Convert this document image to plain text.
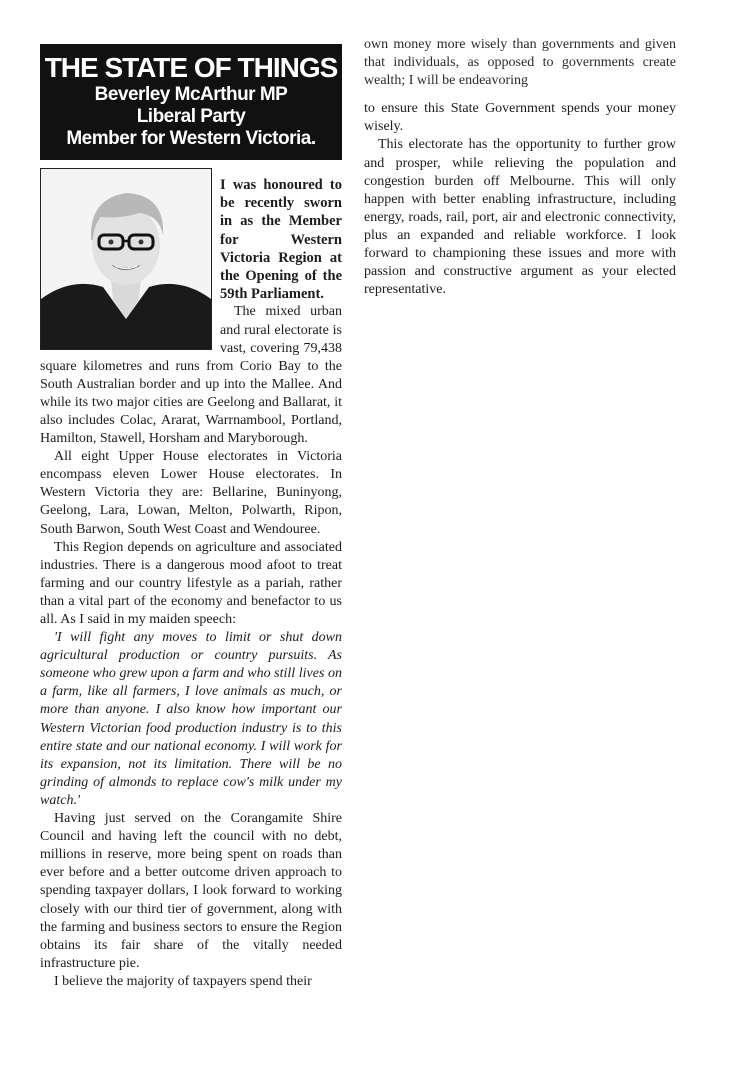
THE STATE OF THINGS
Beverley McArthur MP
Liberal Party
Member for Western Victoria.
I was honoured to be recently sworn in as the Member for Western Victoria Region at the Opening of the 59th Parliament.

The mixed urban and rural electorate is vast, covering 79,438 square kilometres and runs from Corio Bay to the South Australian border and up into the Mallee. And while its two major cities are Geelong and Ballarat, it also includes Colac, Ararat, Warrnambool, Portland, Hamilton, Stawell, Horsham and Maryborough.

All eight Upper House electorates in Victoria encompass eleven Lower House electorates. In Western Victoria they are: Bellarine, Buninyong, Geelong, Lara, Lowan, Melton, Polwarth, Ripon, South Barwon, South West Coast and Wendouree.

This Region depends on agriculture and associated industries. There is a dangerous mood afoot to treat farming and our country lifestyle as a pariah, rather than a vital part of the economy and benefactor to us all. As I said in my maiden speech:

'I will fight any moves to limit or shut down agricultural production or country pursuits. As someone who grew upon a farm and who still lives on a farm, like all farmers, I love animals as much, or more than anyone. I also know how important our Western Victorian food production industry is to this entire state and our national economy. I will work for its expansion, not its limitation. There will be no grinding of almonds to replace cow's milk under my watch.'

Having just served on the Corangamite Shire Council and having left the council with no debt, millions in reserve, more being spent on roads than ever before and a better outcome driven approach to spending taxpayer dollars, I look forward to working closely with our third tier of government, along with the farming and business sectors to ensure the Region obtains its fair share of the vitally needed infrastructure pie.

I believe the majority of taxpayers spend their

own money more wisely than governments and given that individuals, as opposed to governments create wealth; I will be endeavoring

to ensure this State Government spends your money wisely.

This electorate has the opportunity to further grow and prosper, while relieving the population and congestion burden off Melbourne. This will only happen with better enabling infrastructure, including energy, roads, rail, port, air and electronic connectivity, plus an expanded and reliable workforce. I look forward to championing these issues and more with passion and constructive argument as your elected representative.
